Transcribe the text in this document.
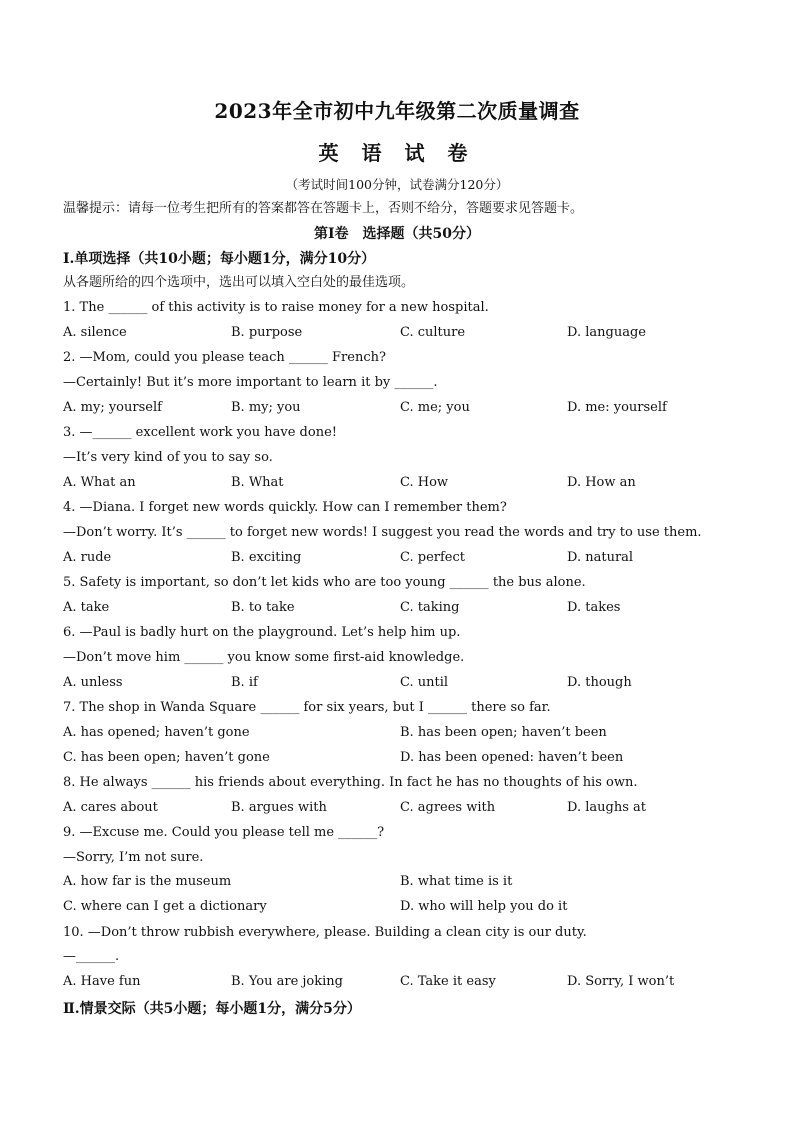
2023年全市初中九年级第二次质量调查
英 语 试 卷
（考试时间100分钟，试卷满分120分）
温馨提示：请每一位考生把所有的答案都答在答题卡上，否则不给分，答题要求见答题卡。
第Ⅰ卷　选择题（共50分）
Ⅰ.单项选择（共10小题；每小题1分，满分10分）
从各题所给的四个选项中，选出可以填入空白处的最佳选项。
1. The ______ of this activity is to raise money for a new hospital.
A. silence	B. purpose	C. culture	D. language
2. —Mom, could you please teach ______ French?
—Certainly! But it’s more important to learn it by ______.
A. my; yourself	B. my; you	C. me; you	D. me: yourself
3. —______ excellent work you have done!
—It’s very kind of you to say so.
A. What an	B. What	C. How	D. How an
4. —Diana. I forget new words quickly. How can I remember them?
—Don’t worry. It’s ______ to forget new words! I suggest you read the words and try to use them.
A. rude	B. exciting	C. perfect	D. natural
5. Safety is important, so don’t let kids who are too young ______ the bus alone.
A. take	B. to take	C. taking	D. takes
6. —Paul is badly hurt on the playground. Let’s help him up.
—Don’t move him ______ you know some first-aid knowledge.
A. unless	B. if	C. until	D. though
7. The shop in Wanda Square ______ for six years, but I ______ there so far.
A. has opened; haven’t gone	B. has been open; haven’t been
C. has been open; haven’t gone	D. has been opened: haven’t been
8. He always ______ his friends about everything. In fact he has no thoughts of his own.
A. cares about	B. argues with	C. agrees with	D. laughs at
9. —Excuse me. Could you please tell me ______?
—Sorry, I’m not sure.
A. how far is the museum	B. what time is it
C. where can I get a dictionary	D. who will help you do it
10. —Don’t throw rubbish everywhere, please. Building a clean city is our duty.
—______.
A. Have fun	B. You are joking	C. Take it easy	D. Sorry, I won’t
Ⅱ.情景交际（共5小题；每小题1分，满分5分）
